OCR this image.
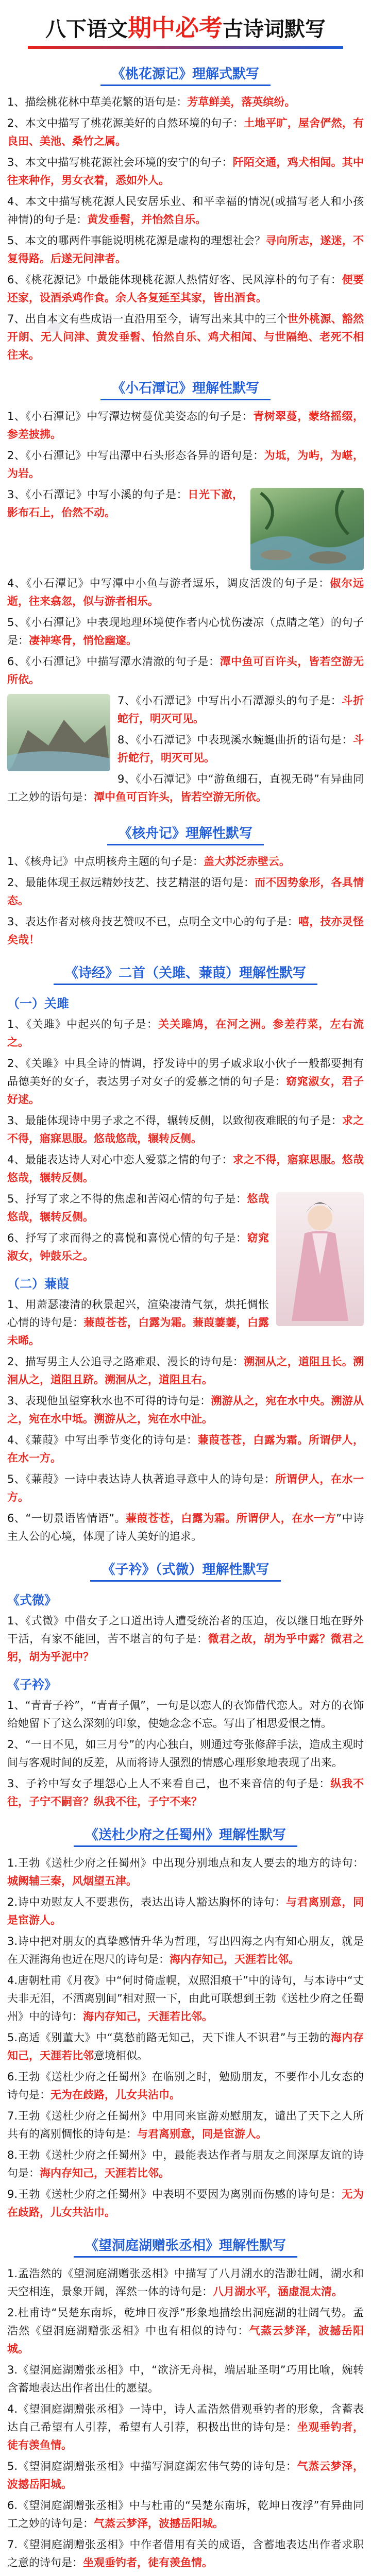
✦
八下语文期中必考古诗词默写
《桃花源记》理解式默写

1、描绘桃花林中草美花繁的语句是：芳草鲜美，落英缤纷。

2、本文中描写了桃花源美好的自然环境的句子：土地平旷，屋舍俨然，有良田、美池、桑竹之属。

3、本文中描写桃花源社会环境的安宁的句子：阡陌交通，鸡犬相闻。其中往来种作，男女衣着，悉如外人。

4、本文中描写桃花源人民安居乐业、和平幸福的情况(或描写老人和小孩神情)的句子是：黄发垂髫，并怡然自乐。

5、本文的哪两件事能说明桃花源是虚构的理想社会？寻向所志，遂迷，不复得路。后遂无问津者。

6、《桃花源记》中最能体现桃花源人热情好客、民风淳朴的句子有：便要还家，设酒杀鸡作食。余人各复延至其家，皆出酒食。

7、出自本文有些成语一直沿用至今，请写出来其中的三个世外桃源、豁然开朗、无人问津、黄发垂髫、怡然自乐、鸡犬相闻、与世隔绝、老死不相往来。

《小石潭记》理解性默写

1、《小石潭记》中写潭边树蔓优美姿态的句子是：青树翠蔓，蒙络摇缀，参差披拂。

2、《小石潭记》中写出潭中石头形态各异的语句是：为坻，为屿，为嵁，为岩。

3、《小石潭记》中写小溪的句子是：日光下澈，影布石上，佁然不动。

4、《小石潭记》中写潭中小鱼与游者逗乐，调皮活泼的句子是：俶尔远逝，往来翕忽，似与游者相乐。

5、《小石潭记》中表现地理环境使作者内心忧伤凄凉（点睛之笔）的句子是：凄神寒骨，悄怆幽邃。

6、《小石潭记》中描写潭水清澈的句子是：潭中鱼可百许头，皆若空游无所依。

7、《小石潭记》中写出小石潭源头的句子是：斗折蛇行，明灭可见。

8、《小石潭记》中表现溪水蜿蜒曲折的语句是：斗折蛇行，明灭可见。

9、《小石潭记》中“游鱼细石，直视无碍”有异曲同工之妙的语句是：潭中鱼可百许头，皆若空游无所依。

《核舟记》理解性默写

1、《核舟记》中点明核舟主题的句子是：盖大苏泛赤壁云。

2、最能体现王叔远精妙技艺、技艺精湛的语句是：而不因势象形，各具情态。

3、表达作者对核舟技艺赞叹不已，点明全文中心的句子是：嘻，技亦灵怪矣哉！

《诗经》二首（关雎、蒹葭）理解性默写
（一）关雎

1、《关雎》中起兴的句子是：关关雎鸠，在河之洲。参差荇菜，左右流之。

2、《关雎》中具全诗的情调，抒发诗中的男子戚求取小伙子一般都要拥有品德美好的女子，表达男子对女子的爱慕之情的句子是：窈窕淑女，君子好逑。

3、最能体现诗中男子求之不得，辗转反侧，以致彻夜难眠的句子是：求之不得，寤寐思服。悠哉悠哉，辗转反侧。

4、最能表达诗人对心中恋人爱慕之情的句子：求之不得，寤寐思服。悠哉悠哉，辗转反侧。

5、抒写了求之不得的焦虑和苦闷心情的句子是：悠哉悠哉，辗转反侧。

6、抒写了求而得之的喜悦和喜悦心情的句子是：窈窕淑女，钟鼓乐之。

（二）蒹葭

1、用萧瑟凄清的秋景起兴，渲染凄清气氛，烘托惆怅心情的诗句是：蒹葭苍苍，白露为霜。蒹葭萋萋，白露未晞。

2、描写男主人公追寻之路难艰、漫长的诗句是：溯洄从之，道阻且长。溯洄从之，道阻且跻。溯洄从之，道阻且右。

3、表现他虽望穿秋水也不可得的诗句是：溯游从之，宛在水中央。溯游从之，宛在水中坻。溯游从之，宛在水中沚。

4、《蒹葭》中写出季节变化的诗句是：蒹葭苍苍，白露为霜。所谓伊人，在水一方。

5、《蒹葭》一诗中表达诗人执著追寻意中人的诗句是：所谓伊人，在水一方。

6、“一切景语皆情语”。蒹葭苍苍，白露为霜。所谓伊人，在水一方”中诗主人公的心境，体现了诗人美好的追求。

《子衿》（式微）理解性默写
《式微》

1、《式微》中借女子之口道出诗人遭受统治者的压迫，夜以继日地在野外干活，有家不能回，苦不堪言的句子是：微君之故，胡为乎中露？微君之躬，胡为乎泥中？

《子衿》

1、“青青子衿”，“青青子佩”，一句是以恋人的衣饰借代恋人。对方的衣饰给她留下了这么深刻的印象，使她念念不忘。写出了相思爱恨之情。

2、“一日不见，如三月兮”的内心独白，则通过夸张修辞手法，造成主观时间与客观时间的反差，从而将诗人强烈的情感心理形象地表现了出来。

3、子衿中写女子埋怨心上人不来看自己，也不来音信的句子是：纵我不往，子宁不嗣音？纵我不往，子宁不来？

《送杜少府之任蜀州》理解性默写

1.王勃《送杜少府之任蜀州》中出现分别地点和友人要去的地方的诗句：城阙辅三秦，风烟望五津。

2.诗中劝慰友人不要悲伤，表达出诗人豁达胸怀的诗句：与君离别意，同是宦游人。

3.诗中把对朋友的真挚感情升华为哲理，写出四海之内有知心朋友，就是在天涯海角也近在咫尺的诗句是：海内存知己，天涯若比邻。

4.唐朝杜甫《月夜》中“何时倚虚幌，双照泪痕干”中的诗句，与本诗中“丈夫非无泪，不洒离别间”相对照一下，由此可联想到王勃《送杜少府之任蜀州》中的诗句：海内存知己，天涯若比邻。

5.高适《别董大》中“莫愁前路无知己，天下谁人不识君”与王勃的海内存知己，天涯若比邻意境相似。

6.王勃《送杜少府之任蜀州》在临别之时，勉励朋友，不要作小儿女态的诗句是：无为在歧路，儿女共沾巾。

7.王勃《送杜少府之任蜀州》中用同来宦游劝慰朋友，谴出了天下之人所共有的离别惆怅的诗句是：与君离别意，同是宦游人。

8.王勃《送杜少府之任蜀州》中，最能表达作者与朋友之间深厚友谊的诗句是：海内存知己，天涯若比邻。

9.王勃《送杜少府之任蜀州》中表明不要因为离别而伤感的诗句是：无为在歧路，儿女共沾巾。

《望洞庭湖赠张丞相》理解性默写

1.孟浩然的《望洞庭湖赠张丞相》中描写了八月湖水的浩渺壮阔，湖水和天空相连，景象开阔，浑然一体的诗句是：八月湖水平，涵虚混太清。

2.杜甫诗“吴楚东南坼，乾坤日夜浮”形象地描绘出洞庭湖的壮阔气势。孟浩然《望洞庭湖赠张丞相》中也有相似的诗句：气蒸云梦泽，波撼岳阳城。

3.《望洞庭湖赠张丞相》中，“欲济无舟楫，端居耻圣明”巧用比喻，婉转含蓄地表达出作者出仕的愿望。

4.《望洞庭湖赠张丞相》一诗中，诗人孟浩然借观垂钓者的形象，含蓄表达自己希望有人引荐，希望有人引荐，积极出世的诗句是：坐观垂钓者，徒有羡鱼情。

5.《望洞庭湖赠张丞相》中描写洞庭湖宏伟气势的诗句是：气蒸云梦泽，波撼岳阳城。

6.《望洞庭湖赠张丞相》中与杜甫的“吴楚东南坼，乾坤日夜浮”有异曲同工之妙的诗句是：气蒸云梦泽，波撼岳阳城。

7.《望洞庭湖赠张丞相》中作者借用有关的成语，含蓄地表达出作者求职之意的诗句是：坐观垂钓者，徒有羡鱼情。
